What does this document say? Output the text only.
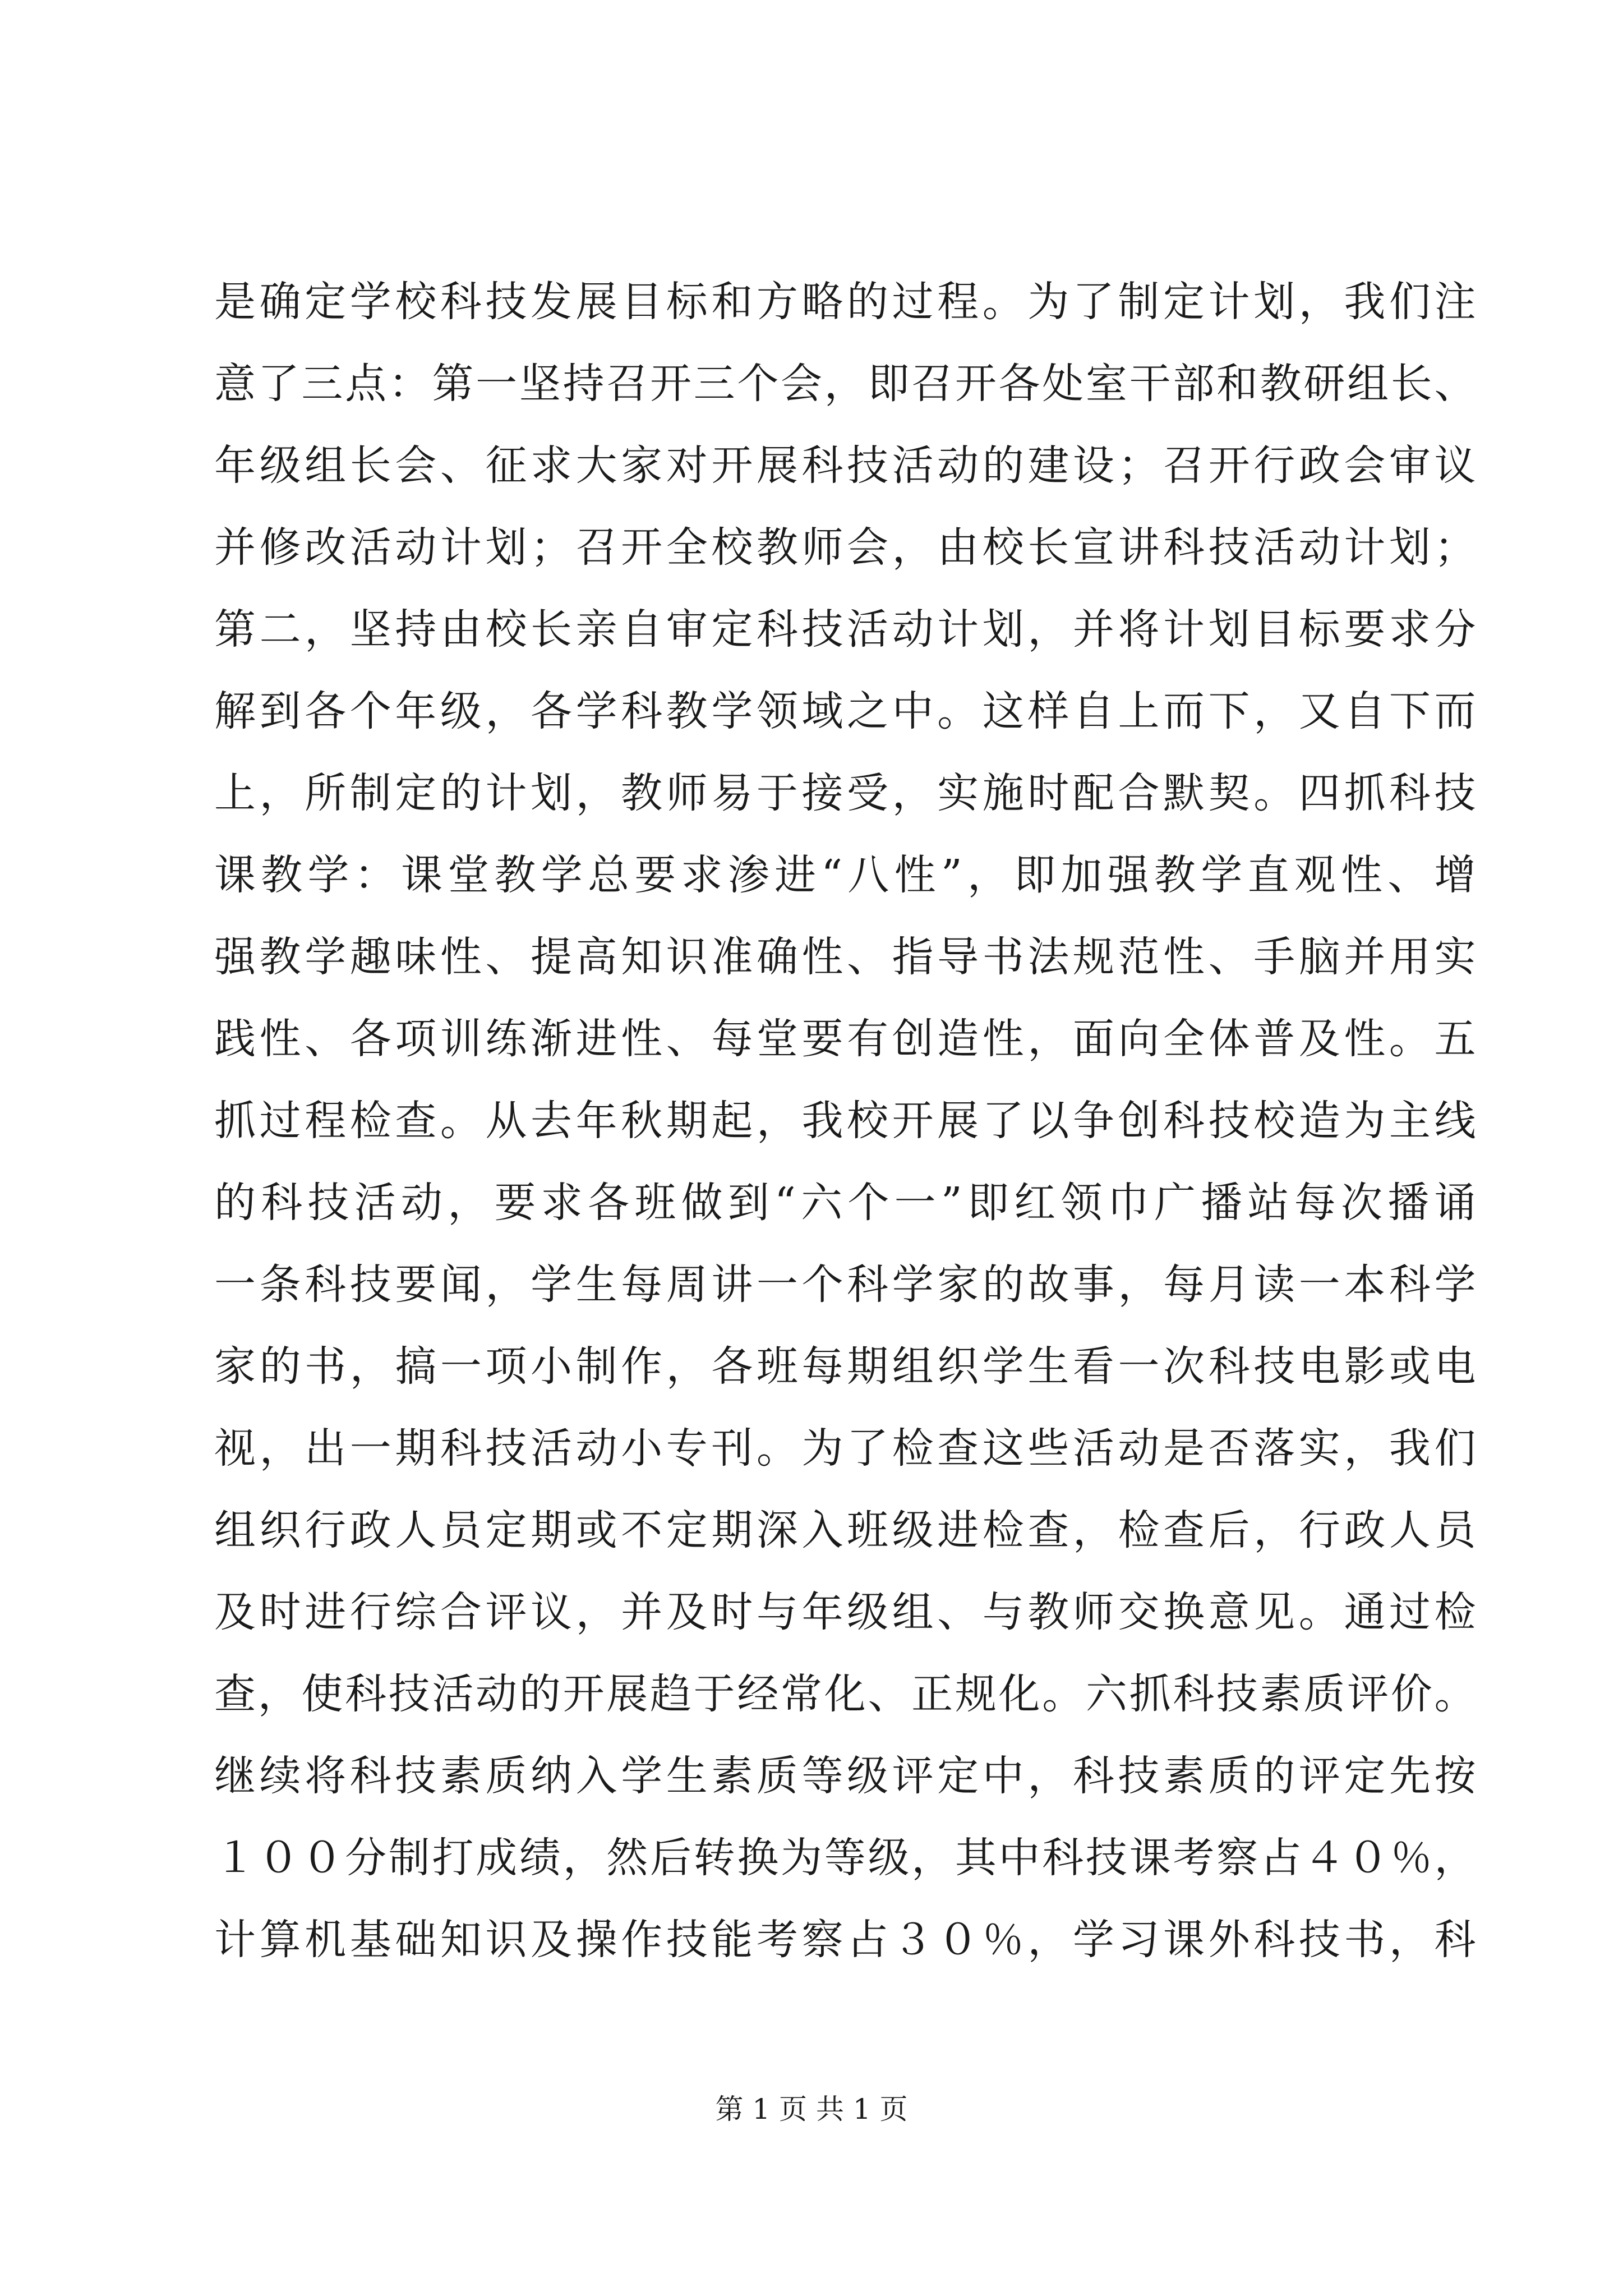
是确定学校科技发展目标和方略的过程。为了制定计划，我们注
意了三点：第一坚持召开三个会，即召开各处室干部和教研组长、
年级组长会、征求大家对开展科技活动的建设；召开行政会审议
并修改活动计划；召开全校教师会，由校长宣讲科技活动计划；
第二，坚持由校长亲自审定科技活动计划，并将计划目标要求分
解到各个年级，各学科教学领域之中。这样自上而下，又自下而
上，所制定的计划，教师易于接受，实施时配合默契。四抓科技
课教学：课堂教学总要求渗进“八性”，即加强教学直观性、增
强教学趣味性、提高知识准确性、指导书法规范性、手脑并用实
践性、各项训练渐进性、每堂要有创造性，面向全体普及性。五
抓过程检查。从去年秋期起，我校开展了以争创科技校造为主线
的科技活动，要求各班做到“六个一”即红领巾广播站每次播诵
一条科技要闻，学生每周讲一个科学家的故事，每月读一本科学
家的书，搞一项小制作，各班每期组织学生看一次科技电影或电
视，出一期科技活动小专刊。为了检查这些活动是否落实，我们
组织行政人员定期或不定期深入班级进检查，检查后，行政人员
及时进行综合评议，并及时与年级组、与教师交换意见。通过检
查，使科技活动的开展趋于经常化、正规化。六抓科技素质评价。
继续将科技素质纳入学生素质等级评定中，科技素质的评定先按
１００分制打成绩，然后转换为等级，其中科技课考察占４０％，
计算机基础知识及操作技能考察占３０％，学习课外科技书，科
第 1 页 共 1 页
